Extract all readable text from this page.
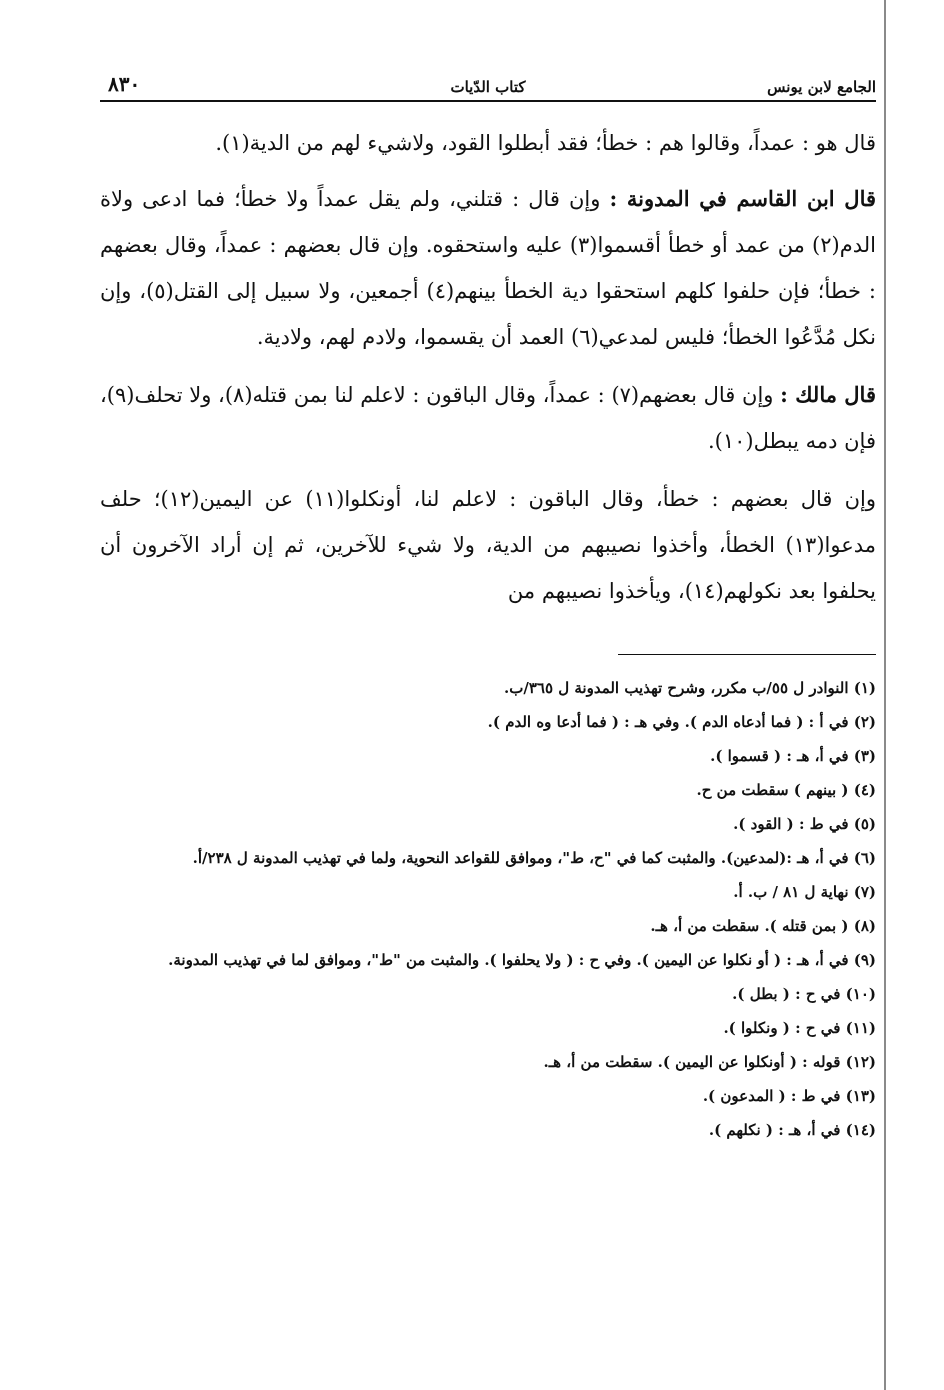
الجامع لابن يونس
كتاب الدّيات
٨٣٠

قال هو : عمداً، وقالوا هم : خطأ؛ فقد أبطلوا القود، ولاشيء لهم من الدية(١).

قال ابن القاسم في المدونة : وإن قال : قتلني، ولم يقل عمداً ولا خطأ؛ فما ادعى ولاة الدم(٢) من عمد أو خطأ أقسموا(٣) عليه واستحقوه. وإن قال بعضهم : عمداً، وقال بعضهم : خطأ؛ فإن حلفوا كلهم استحقوا دية الخطأ بينهم(٤) أجمعين، ولا سبيل إلى القتل(٥)، وإن نكل مُدَّعُوا الخطأ؛ فليس لمدعي(٦) العمد أن يقسموا، ولادم لهم، ولادية.

قال مالك : وإن قال بعضهم(٧) : عمداً، وقال الباقون : لاعلم لنا بمن قتله(٨)، ولا تحلف(٩)، فإن دمه يبطل(١٠).

وإن قال بعضهم : خطأ، وقال الباقون : لاعلم لنا، أونكلوا(١١) عن اليمين(١٢)؛ حلف مدعوا(١٣) الخطأ، وأخذوا نصيبهم من الدية، ولا شيء للآخرين، ثم إن أراد الآخرون أن يحلفوا بعد نكولهم(١٤)، ويأخذوا نصيبهم من

(١) النوادر ل ٥٥/ب مكرر، وشرح تهذيب المدونة ل ٣٦٥/ب.

(٢) في أ : ( فما أدعاه الدم ). وفي هـ : ( فما أدعا وه الدم ).

(٣) في أ، هـ : ( قسموا ).

(٤) ( بينهم ) سقطت من ح.

(٥) في ط : ( القود ).

(٦) في أ، هـ :(لمدعين). والمثبت كما في "ح، ط"، وموافق للقواعد النحوية، ولما في تهذيب المدونة ل ٢٣٨/أ.

(٧) نهاية ل ٨١ / ب. أ.

(٨) ( بمن قتله ). سقطت من أ، هـ.

(٩) في أ، هـ : ( أو نكلوا عن اليمين ). وفي ح : ( ولا يحلفوا ). والمثبت من "ط"، وموافق لما في تهذيب المدونة.

(١٠) في ح : ( بطل ).

(١١) في ح : ( ونكلوا ).

(١٢) قوله : ( أونكلوا عن اليمين ). سقطت من أ، هـ.

(١٣) في ط : ( المدعون ).

(١٤) في أ، هـ : ( نكلهم ).
